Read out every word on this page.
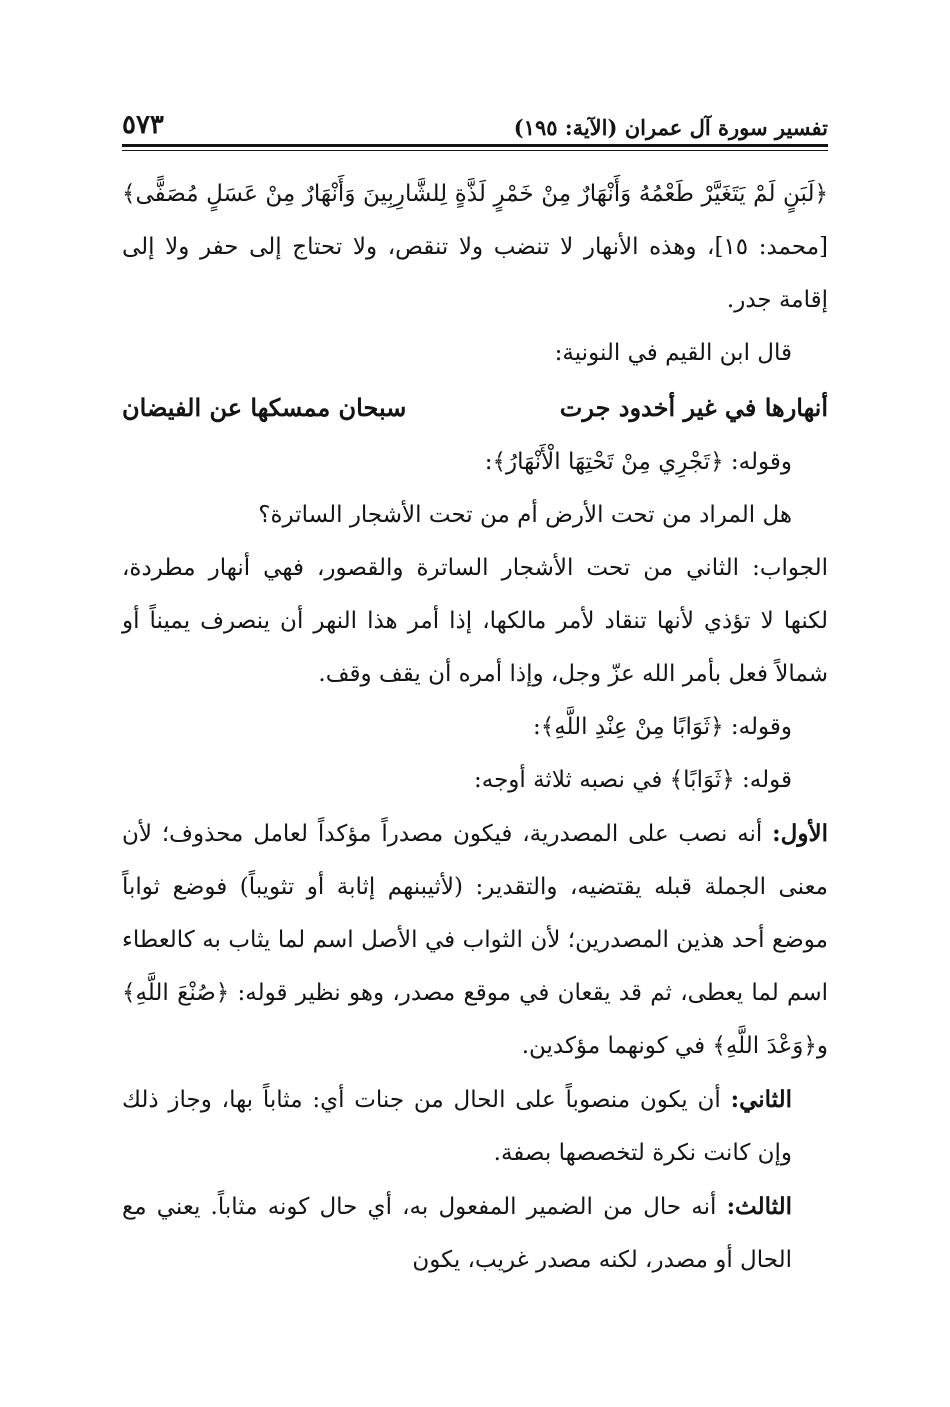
تفسير سورة آل عمران (الآية: ١٩٥)
٥٧٣

﴿لَبَنٍ لَمْ يَتَغَيَّرْ طَعْمُهُ وَأَنْهَارٌ مِنْ خَمْرٍ لَذَّةٍ لِلشَّارِبِينَ وَأَنْهَارٌ مِنْ عَسَلٍ مُصَفًّى﴾ [محمد: ١٥]، وهذه الأنهار لا تنضب ولا تنقص، ولا تحتاج إلى حفر ولا إلى إقامة جدر.

قال ابن القيم في النونية:

أنهارها في غير أخدود جرت
سبحان ممسكها عن الفيضان

وقوله: ﴿تَجْرِي مِنْ تَحْتِهَا الْأَنْهَارُ﴾:

هل المراد من تحت الأرض أم من تحت الأشجار الساترة؟

الجواب: الثاني من تحت الأشجار الساترة والقصور، فهي أنهار مطردة، لكنها لا تؤذي لأنها تنقاد لأمر مالكها، إذا أمر هذا النهر أن ينصرف يميناً أو شمالاً فعل بأمر الله عزّ وجل، وإذا أمره أن يقف وقف.

وقوله: ﴿ثَوَابًا مِنْ عِنْدِ اللَّهِ﴾:

قوله: ﴿ثَوَابًا﴾ في نصبه ثلاثة أوجه:

الأول: أنه نصب على المصدرية، فيكون مصدراً مؤكداً لعامل محذوف؛ لأن معنى الجملة قبله يقتضيه، والتقدير: (لأثيبنهم إثابة أو تثويباً) فوضع ثواباً موضع أحد هذين المصدرين؛ لأن الثواب في الأصل اسم لما يثاب به كالعطاء اسم لما يعطى، ثم قد يقعان في موقع مصدر، وهو نظير قوله: ﴿صُنْعَ اللَّهِ﴾ و﴿وَعْدَ اللَّهِ﴾ في كونهما مؤكدين.

الثاني: أن يكون منصوباً على الحال من جنات أي: مثاباً بها، وجاز ذلك وإن كانت نكرة لتخصصها بصفة.

الثالث: أنه حال من الضمير المفعول به، أي حال كونه مثاباً. يعني مع الحال أو مصدر، لكنه مصدر غريب، يكون
